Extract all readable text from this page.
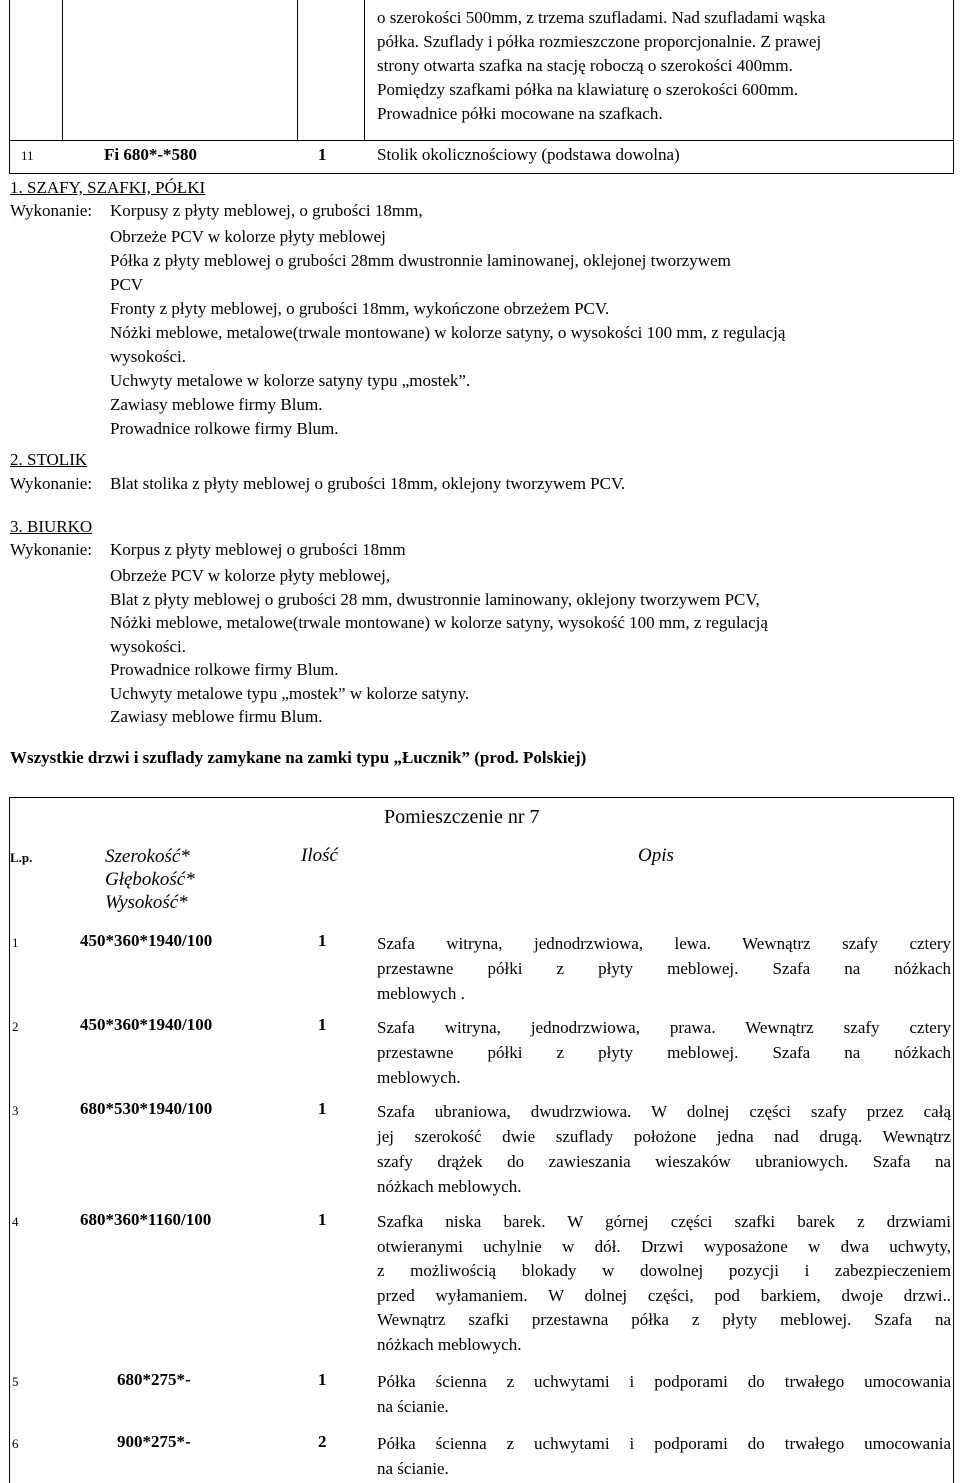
o szerokości 500mm, z trzema szufladami. Nad szufladami wąska
półka. Szuflady i półka rozmieszczone proporcjonalnie. Z prawej
strony otwarta szafka na stację roboczą o szerokości 400mm.
Pomiędzy szafkami półka na klawiaturę o szerokości 600mm.
Prowadnice półki mocowane na szafkach.
11	Fi 680*-*580	1	Stolik okolicznościowy (podstawa dowolna)
1. SZAFY, SZAFKI, PÓŁKI
Wykonanie: Korpusy z płyty meblowej, o grubości 18mm,
Obrzeże PCV w kolorze płyty meblowej
Półka z płyty meblowej o grubości 28mm dwustronnie laminowanej, oklejonej tworzywem
PCV
Fronty z płyty meblowej, o grubości 18mm, wykończone obrzeżem PCV.
Nóżki meblowe, metalowe(trwale montowane) w kolorze satyny, o wysokości 100 mm, z regulacją
wysokości.
Uchwyty metalowe w kolorze satyny typu „mostek”.
Zawiasy meblowe firmy Blum.
Prowadnice rolkowe firmy Blum.
2. STOLIK
Wykonanie: Blat stolika z płyty meblowej o grubości 18mm, oklejony tworzywem PCV.
3. BIURKO
Wykonanie: Korpus z płyty meblowej o grubości 18mm
Obrzeże PCV w kolorze płyty meblowej,
Blat z płyty meblowej o grubości 28 mm, dwustronnie laminowany, oklejony tworzywem PCV,
Nóżki meblowe, metalowe(trwale montowane) w kolorze satyny, wysokość 100 mm, z regulacją
wysokości.
Prowadnice rolkowe firmy Blum.
Uchwyty metalowe typu „mostek” w kolorze satyny.
Zawiasy meblowe firmu Blum.
Wszystkie drzwi i szuflady zamykane na zamki typu „Łucznik” (prod. Polskiej)
Pomieszczenie nr 7
L.p.	Szerokość*
Głębokość*
Wysokość*
Ilość	Opis
1	450*360*1940/100	1	Szafa witryna, jednodrzwiowa, lewa. Wewnątrz szafy cztery
przestawne półki z płyty meblowej. Szafa na nóżkach
meblowych .
2	450*360*1940/100	1	Szafa witryna, jednodrzwiowa, prawa. Wewnątrz szafy cztery
przestawne półki z płyty meblowej. Szafa na nóżkach
meblowych.
3	680*530*1940/100	1	Szafa ubraniowa, dwudrzwiowa. W dolnej części szafy przez całą
jej szerokość dwie szuflady położone jedna nad drugą. Wewnątrz
szafy drążek do zawieszania wieszaków ubraniowych. Szafa na
nóżkach meblowych.
4	680*360*1160/100	1	Szafka niska barek. W górnej części szafki barek z drzwiami
otwieranymi uchylnie w dół. Drzwi wyposażone w dwa uchwyty,
z możliwością blokady w dowolnej pozycji i zabezpieczeniem
przed wyłamaniem. W dolnej części, pod barkiem, dwoje drzwi..
Wewnątrz szafki przestawna półka z płyty meblowej. Szafa na
nóżkach meblowych.
5	680*275*-	1	Półka ścienna z uchwytami i podporami do trwałego umocowania
na ścianie.
6	900*275*-	2	Półka ścienna z uchwytami i podporami do trwałego umocowania
na ścianie.
